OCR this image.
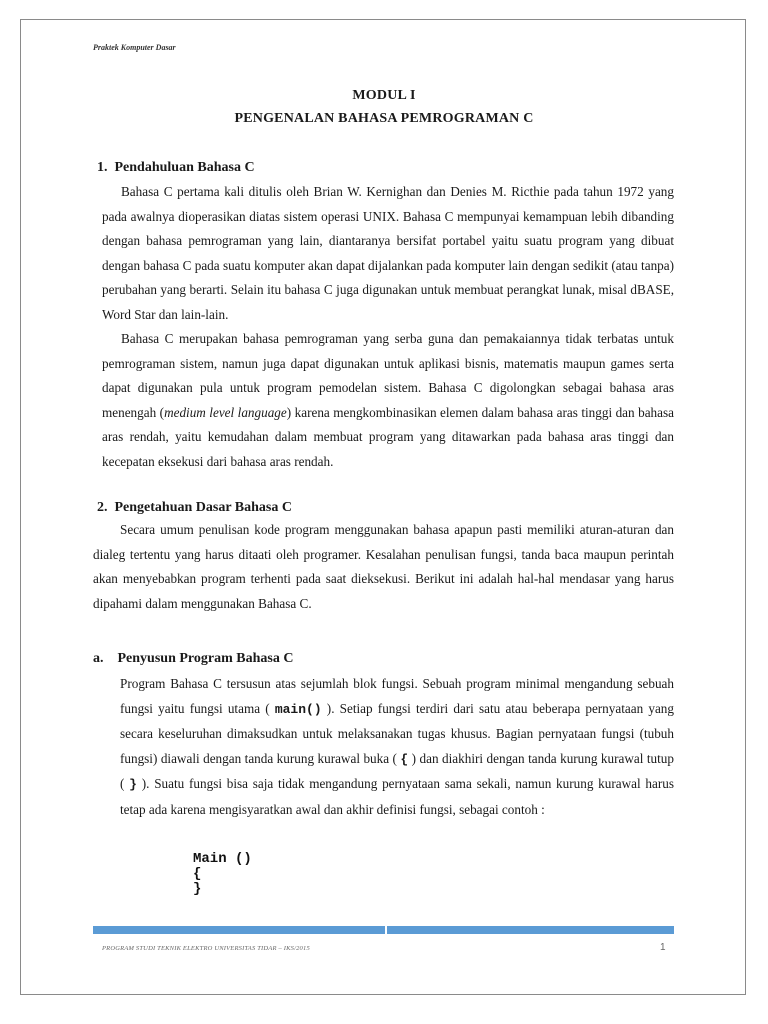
Praktek Komputer Dasar
MODUL I
PENGENALAN BAHASA PEMROGRAMAN C
1. Pendahuluan Bahasa C

Bahasa C pertama kali ditulis oleh Brian W. Kernighan dan Denies M. Ricthie pada tahun 1972 yang pada awalnya dioperasikan diatas sistem operasi UNIX. Bahasa C mempunyai kemampuan lebih dibanding dengan bahasa pemrograman yang lain, diantaranya bersifat portabel yaitu suatu program yang dibuat dengan bahasa C pada suatu komputer akan dapat dijalankan pada komputer lain dengan sedikit (atau tanpa) perubahan yang berarti. Selain itu bahasa C juga digunakan untuk membuat perangkat lunak, misal dBASE, Word Star dan lain-lain.

Bahasa C merupakan bahasa pemrograman yang serba guna dan pemakaiannya tidak terbatas untuk pemrograman sistem, namun juga dapat digunakan untuk aplikasi bisnis, matematis maupun games serta dapat digunakan pula untuk program pemodelan sistem. Bahasa C digolongkan sebagai bahasa aras menengah (medium level language) karena mengkombinasikan elemen dalam bahasa aras tinggi dan bahasa aras rendah, yaitu kemudahan dalam membuat program yang ditawarkan pada bahasa aras tinggi dan kecepatan eksekusi dari bahasa aras rendah.

2. Pengetahuan Dasar Bahasa C

Secara umum penulisan kode program menggunakan bahasa apapun pasti memiliki aturan-aturan dan dialeg tertentu yang harus ditaati oleh programer. Kesalahan penulisan fungsi, tanda baca maupun perintah akan menyebabkan program terhenti pada saat dieksekusi. Berikut ini adalah hal-hal mendasar yang harus dipahami dalam menggunakan Bahasa C.

a. Penyusun Program Bahasa C

Program Bahasa C tersusun atas sejumlah blok fungsi. Sebuah program minimal mengandung sebuah fungsi yaitu fungsi utama ( main() ). Setiap fungsi terdiri dari satu atau beberapa pernyataan yang secara keseluruhan dimaksudkan untuk melaksanakan tugas khusus. Bagian pernyataan fungsi (tubuh fungsi) diawali dengan tanda kurung kurawal buka ( { ) dan diakhiri dengan tanda kurung kurawal tutup ( } ). Suatu fungsi bisa saja tidak mengandung pernyataan sama sekali, namun kurung kurawal harus tetap ada karena mengisyaratkan awal dan akhir definisi fungsi, sebagai contoh :

Main ()
{
}
PROGRAM STUDI TEKNIK ELEKTRO UNIVERSITAS TIDAR – IKS/2015	1
